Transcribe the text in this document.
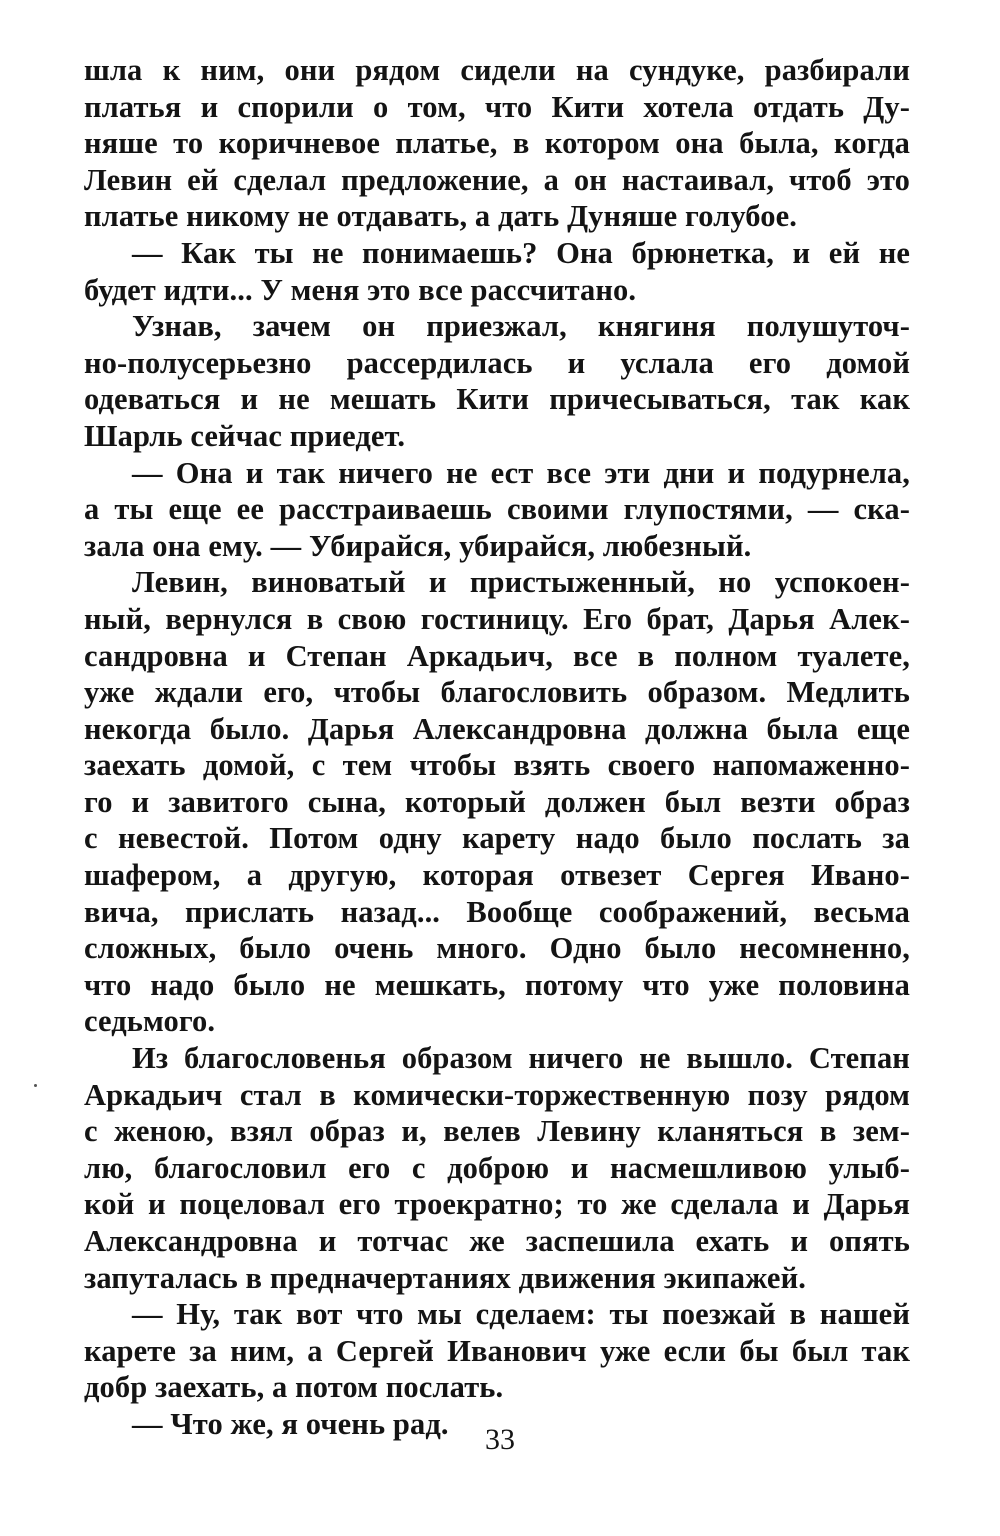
шла к ним, они рядом сидели на сундуке, разбирали
платья и спорили о том, что Кити хотела отдать Ду-
няше то коричневое платье, в котором она была, когда
Левин ей сделал предложение, а он настаивал, чтоб это
платье никому не отдавать, а дать Дуняше голубое.
— Как ты не понимаешь? Она брюнетка, и ей не
будет идти... У меня это все рассчитано.
Узнав, зачем он приезжал, княгиня полушуточ-
но-полусерьезно рассердилась и услала его домой
одеваться и не мешать Кити причесываться, так как
Шарль сейчас приедет.
— Она и так ничего не ест все эти дни и подурнела,
а ты еще ее расстраиваешь своими глупостями, — ска-
зала она ему. — Убирайся, убирайся, любезный.
Левин, виноватый и пристыженный, но успокоен-
ный, вернулся в свою гостиницу. Его брат, Дарья Алек-
сандровна и Степан Аркадьич, все в полном туалете,
уже ждали его, чтобы благословить образом. Медлить
некогда было. Дарья Александровна должна была еще
заехать домой, с тем чтобы взять своего напомаженно-
го и завитого сына, который должен был везти образ
с невестой. Потом одну карету надо было послать за
шафером, а другую, которая отвезет Сергея Ивано-
вича, прислать назад... Вообще соображений, весьма
сложных, было очень много. Одно было несомненно,
что надо было не мешкать, потому что уже половина
седьмого.
Из благословенья образом ничего не вышло. Степан
Аркадьич стал в комически-торжественную позу рядом
с женою, взял образ и, велев Левину кланяться в зем-
лю, благословил его с доброю и насмешливою улыб-
кой и поцеловал его троекратно; то же сделала и Дарья
Александровна и тотчас же заспешила ехать и опять
запуталась в предначертаниях движения экипажей.
— Ну, так вот что мы сделаем: ты поезжай в нашей
карете за ним, а Сергей Иванович уже если бы был так
добр заехать, а потом послать.
— Что же, я очень рад.	33
